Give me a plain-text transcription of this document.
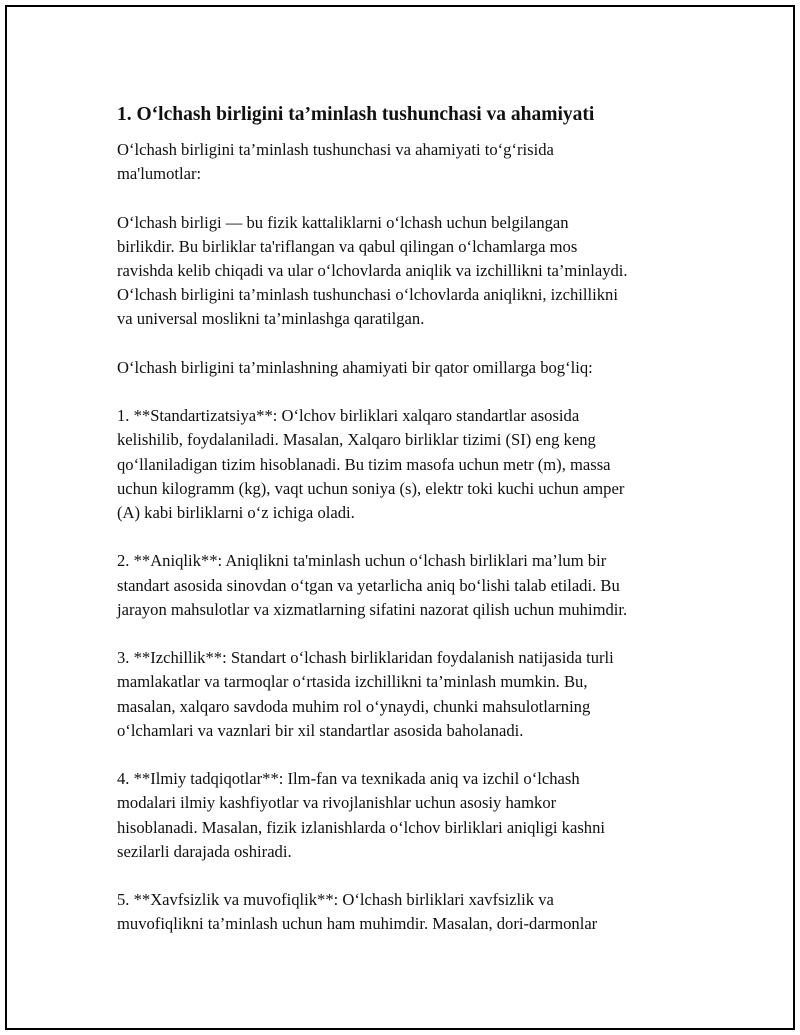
1. O‘lchash birligini ta’minlash tushunchasi va ahamiyati
O‘lchash birligini ta’minlash tushunchasi va ahamiyati to‘g‘risida
ma'lumotlar:
O‘lchash birligi — bu fizik kattaliklarni o‘lchash uchun belgilangan
birlikdir. Bu birliklar ta'riflangan va qabul qilingan o‘lchamlarga mos
ravishda kelib chiqadi va ular o‘lchovlarda aniqlik va izchillikni ta’minlaydi.
O‘lchash birligini ta’minlash tushunchasi o‘lchovlarda aniqlikni, izchillikni
va universal moslikni ta’minlashga qaratilgan.
O‘lchash birligini ta’minlashning ahamiyati bir qator omillarga bog‘liq:
1. **Standartizatsiya**: O‘lchov birliklari xalqaro standartlar asosida
kelishilib, foydalaniladi. Masalan, Xalqaro birliklar tizimi (SI) eng keng
qo‘llaniladigan tizim hisoblanadi. Bu tizim masofa uchun metr (m), massa
uchun kilogramm (kg), vaqt uchun soniya (s), elektr toki kuchi uchun amper
(A) kabi birliklarni o‘z ichiga oladi.
2. **Aniqlik**: Aniqlikni ta'minlash uchun o‘lchash birliklari ma’lum bir
standart asosida sinovdan o‘tgan va yetarlicha aniq bo‘lishi talab etiladi. Bu
jarayon mahsulotlar va xizmatlarning sifatini nazorat qilish uchun muhimdir.
3. **Izchillik**: Standart o‘lchash birliklaridan foydalanish natijasida turli
mamlakatlar va tarmoqlar o‘rtasida izchillikni ta’minlash mumkin. Bu,
masalan, xalqaro savdoda muhim rol o‘ynaydi, chunki mahsulotlarning
o‘lchamlari va vaznlari bir xil standartlar asosida baholanadi.
4. **Ilmiy tadqiqotlar**: Ilm-fan va texnikada aniq va izchil o‘lchash
modalari ilmiy kashfiyotlar va rivojlanishlar uchun asosiy hamkor
hisoblanadi. Masalan, fizik izlanishlarda o‘lchov birliklari aniqligi kashni
sezilarli darajada oshiradi.
5. **Xavfsizlik va muvofiqlik**: O‘lchash birliklari xavfsizlik va
muvofiqlikni ta’minlash uchun ham muhimdir. Masalan, dori-darmonlar
